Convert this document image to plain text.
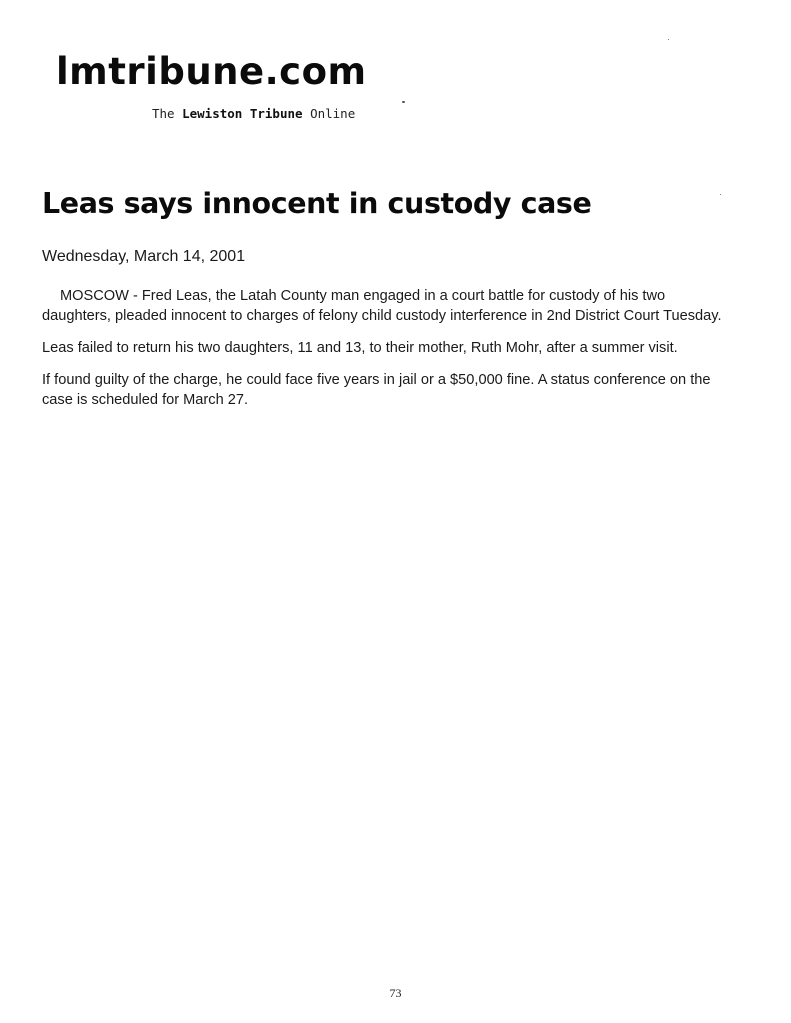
lmtribune.com
The Lewiston Tribune Online
Leas says innocent in custody case
Wednesday, March 14, 2001

MOSCOW - Fred Leas, the Latah County man engaged in a court battle for custody of his two daughters, pleaded innocent to charges of felony child custody interference in 2nd District Court Tuesday.

Leas failed to return his two daughters, 11 and 13, to their mother, Ruth Mohr, after a summer visit.

If found guilty of the charge, he could face five years in jail or a $50,000 fine. A status conference on the case is scheduled for March 27.

73
